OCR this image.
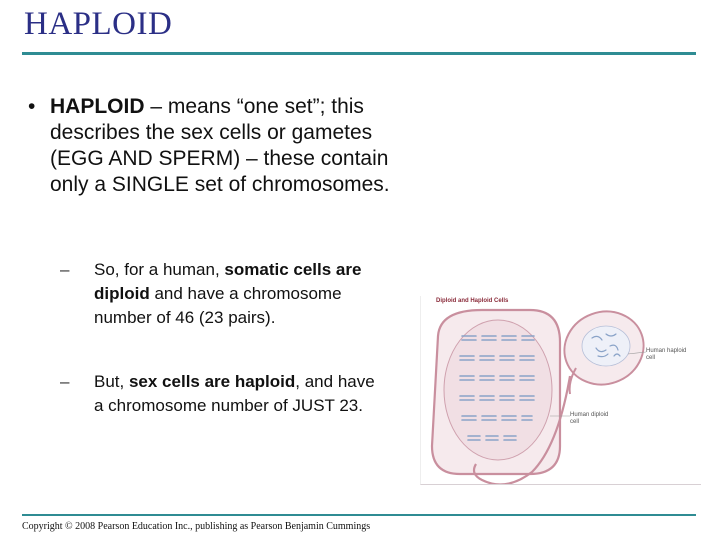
HAPLOID
• HAPLOID – means “one set”; this describes the sex cells or gametes (EGG AND SPERM) – these contain only a SINGLE set of chromosomes.
– So, for a human, somatic cells are diploid and have a chromosome number of 46 (23 pairs).
– But, sex cells are haploid, and have a chromosome number of JUST 23.
Diploid and Haploid Cells
Human haploid cell
Human diploid cell
Copyright © 2008 Pearson Education Inc., publishing as Pearson Benjamin Cummings
